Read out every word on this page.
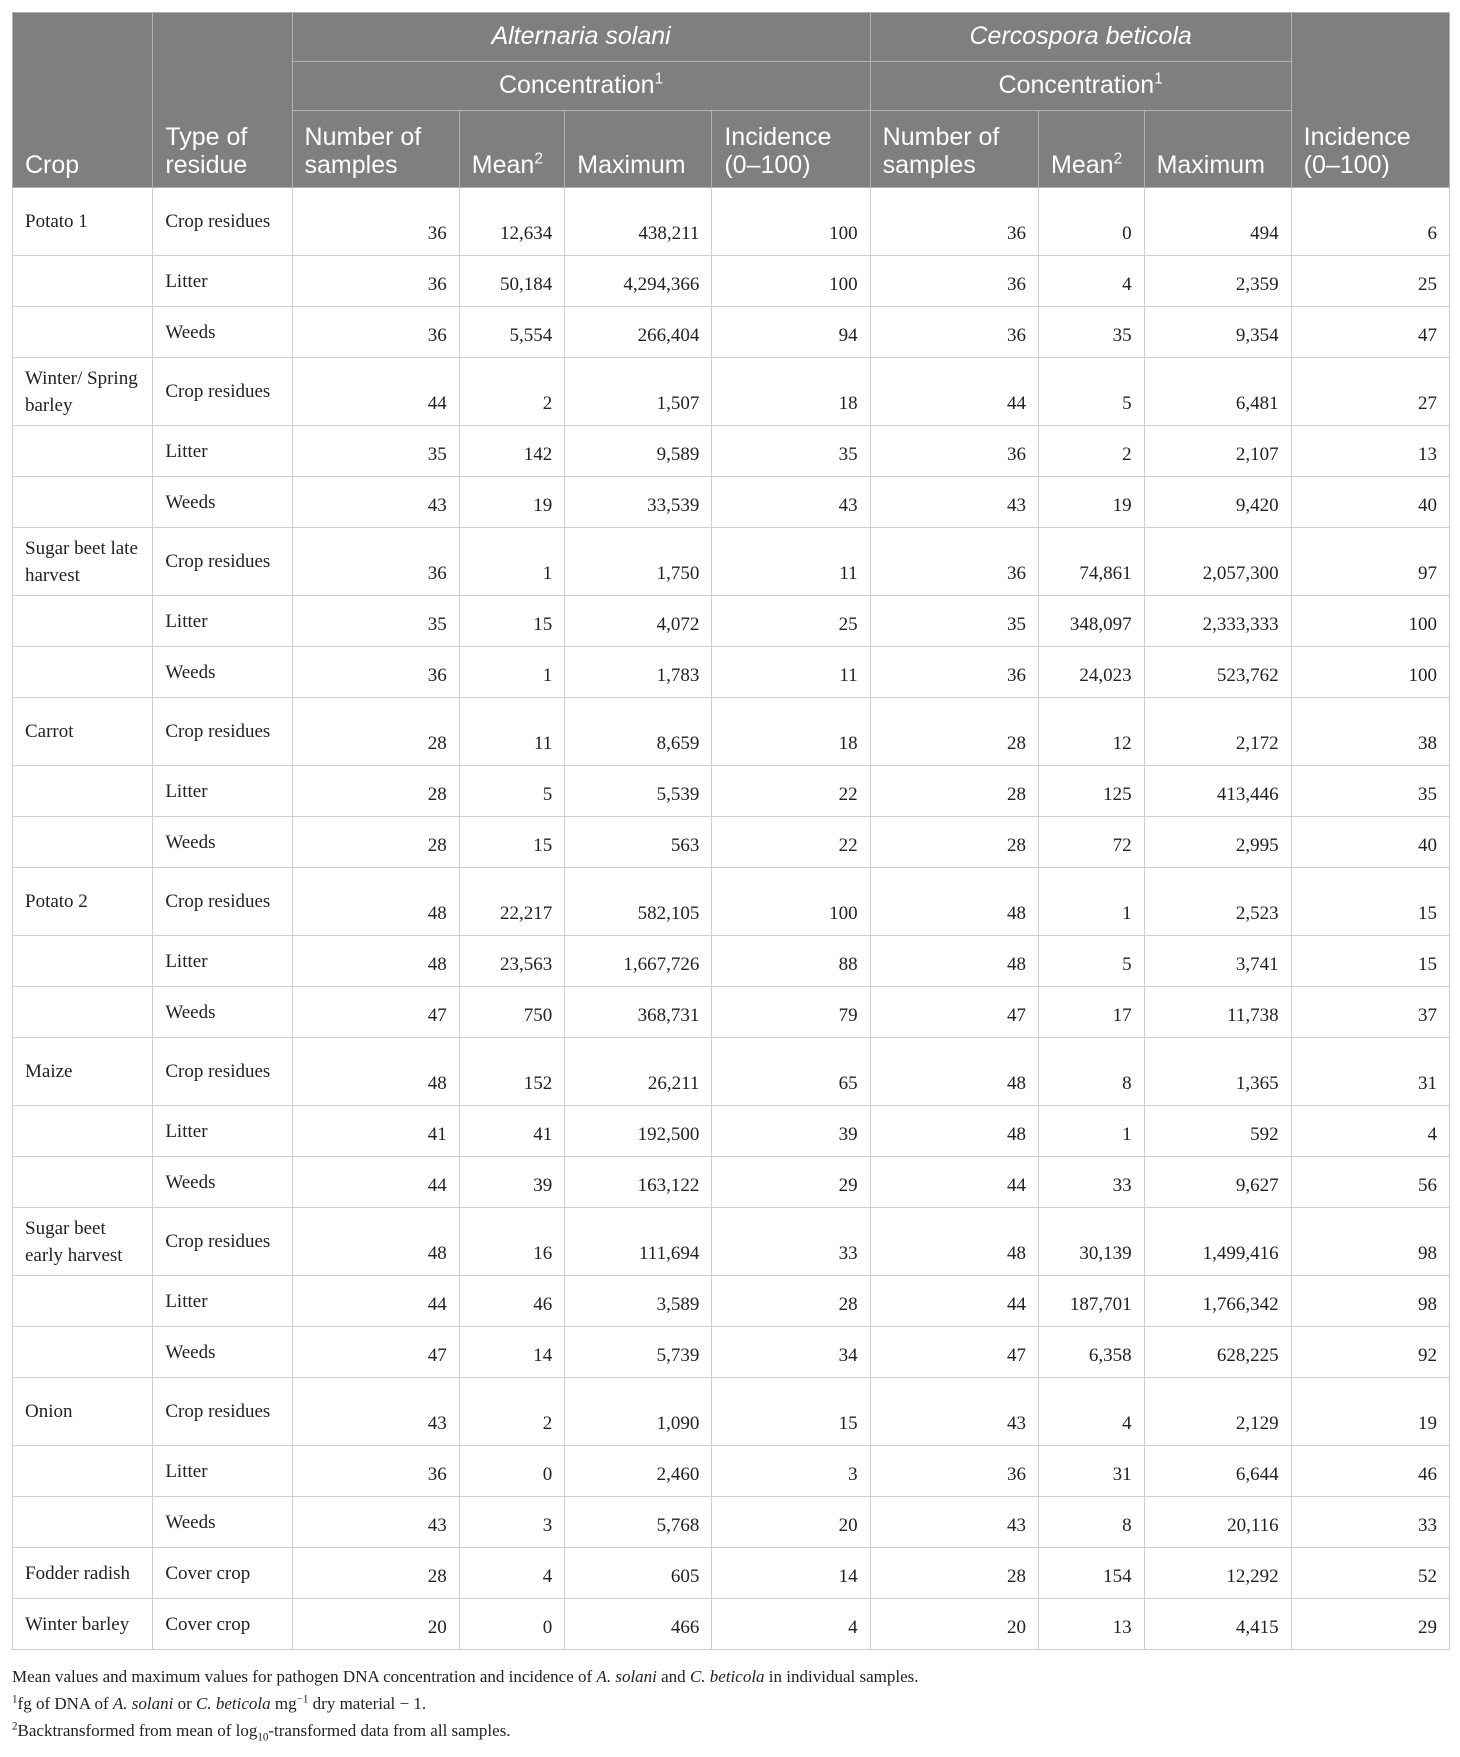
Crop	Type of residue	Alternaria solani				Cercospora beticola			Incidence (0–100)
		Concentration$^1$				Concentration$^1$
		Number of samples	Mean$^2$	Maximum	Incidence (0–100)	Number of samples	Mean$^2$	Maximum	
Potato 1	Crop residues	36	12,634	438,211	100	36	0	494	6
	Litter	36	50,184	4,294,366	100	36	4	2,359	25
	Weeds	36	5,554	266,404	94	36	35	9,354	47
Winter/ Spring barley	Crop residues	44	2	1,507	18	44	5	6,481	27
	Litter	35	142	9,589	35	36	2	2,107	13
	Weeds	43	19	33,539	43	43	19	9,420	40
Sugar beet late harvest	Crop residues	36	1	1,750	11	36	74,861	2,057,300	97
	Litter	35	15	4,072	25	35	348,097	2,333,333	100
	Weeds	36	1	1,783	11	36	24,023	523,762	100
Carrot	Crop residues	28	11	8,659	18	28	12	2,172	38
	Litter	28	5	5,539	22	28	125	413,446	35
	Weeds	28	15	563	22	28	72	2,995	40
Potato 2	Crop residues	48	22,217	582,105	100	48	1	2,523	15
	Litter	48	23,563	1,667,726	88	48	5	3,741	15
	Weeds	47	750	368,731	79	47	17	11,738	37
Maize	Crop residues	48	152	26,211	65	48	8	1,365	31
	Litter	41	41	192,500	39	48	1	592	4
	Weeds	44	39	163,122	29	44	33	9,627	56
Sugar beet early harvest	Crop residues	48	16	111,694	33	48	30,139	1,499,416	98
	Litter	44	46	3,589	28	44	187,701	1,766,342	98
	Weeds	47	14	5,739	34	47	6,358	628,225	92
Onion	Crop residues	43	2	1,090	15	43	4	2,129	19
	Litter	36	0	2,460	3	36	31	6,644	46
	Weeds	43	3	5,768	20	43	8	20,116	33
Fodder radish	Cover crop	28	4	605	14	28	154	12,292	52
Winter barley	Cover crop	20	0	466	4	20	13	4,415	29

Mean values and maximum values for pathogen DNA concentration and incidence of A. solani and C. beticola in individual samples.

$^1$fg of DNA of A. solani or C. beticola $mg^{-1}$ dry material − 1.

$^2$Backtransformed from mean of $\log_{10}$-transformed data from all samples.
